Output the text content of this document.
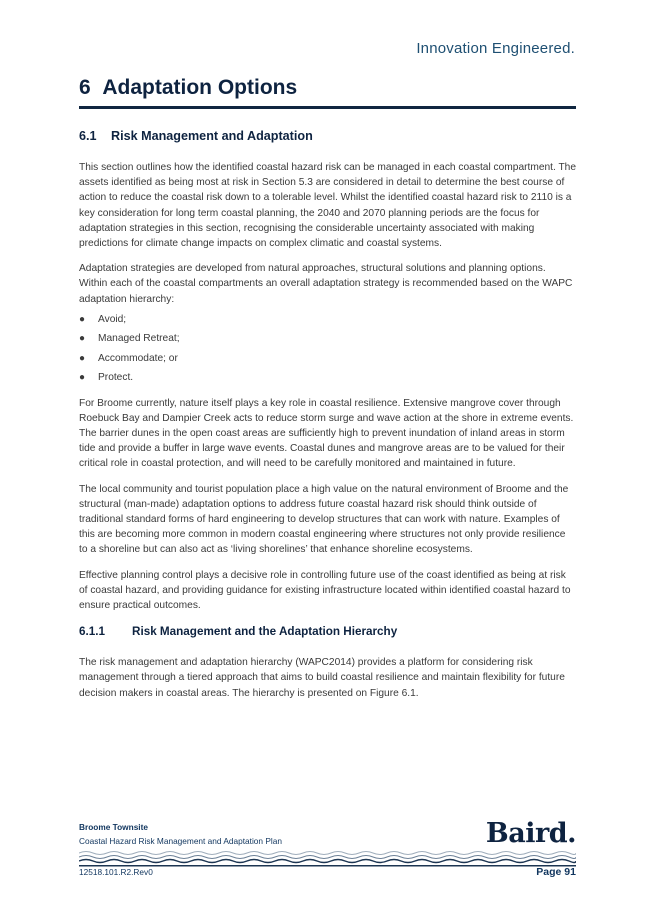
Innovation Engineered.
6 Adaptation Options
6.1 Risk Management and Adaptation

This section outlines how the identified coastal hazard risk can be managed in each coastal compartment. The assets identified as being most at risk in Section 5.3 are considered in detail to determine the best course of action to reduce the coastal risk down to a tolerable level. Whilst the identified coastal hazard risk to 2110 is a key consideration for long term coastal planning, the 2040 and 2070 planning periods are the focus for adaptation strategies in this section, recognising the considerable uncertainty associated with making predictions for climate change impacts on complex climatic and coastal systems.

Adaptation strategies are developed from natural approaches, structural solutions and planning options. Within each of the coastal compartments an overall adaptation strategy is recommended based on the WAPC adaptation hierarchy:

● Avoid;
● Managed Retreat;
● Accommodate; or
● Protect.

For Broome currently, nature itself plays a key role in coastal resilience. Extensive mangrove cover through Roebuck Bay and Dampier Creek acts to reduce storm surge and wave action at the shore in extreme events. The barrier dunes in the open coast areas are sufficiently high to prevent inundation of inland areas in storm tide and provide a buffer in large wave events. Coastal dunes and mangrove areas are to be valued for their critical role in coastal protection, and will need to be carefully monitored and maintained in future.

The local community and tourist population place a high value on the natural environment of Broome and the structural (man-made) adaptation options to address future coastal hazard risk should think outside of traditional standard forms of hard engineering to develop structures that can work with nature. Examples of this are becoming more common in modern coastal engineering where structures not only provide resilience to a shoreline but can also act as ‘living shorelines’ that enhance shoreline ecosystems.

Effective planning control plays a decisive role in controlling future use of the coast identified as being at risk of coastal hazard, and providing guidance for existing infrastructure located within identified coastal hazard to ensure practical outcomes.

6.1.1 Risk Management and the Adaptation Hierarchy

The risk management and adaptation hierarchy (WAPC2014) provides a platform for considering risk management through a tiered approach that aims to build coastal resilience and maintain flexibility for future decision makers in coastal areas. The hierarchy is presented on Figure 6.1.

Broome Townsite
Coastal Hazard Risk Management and Adaptation Plan	Baird.
12518.101.R2.Rev0	Page 91
